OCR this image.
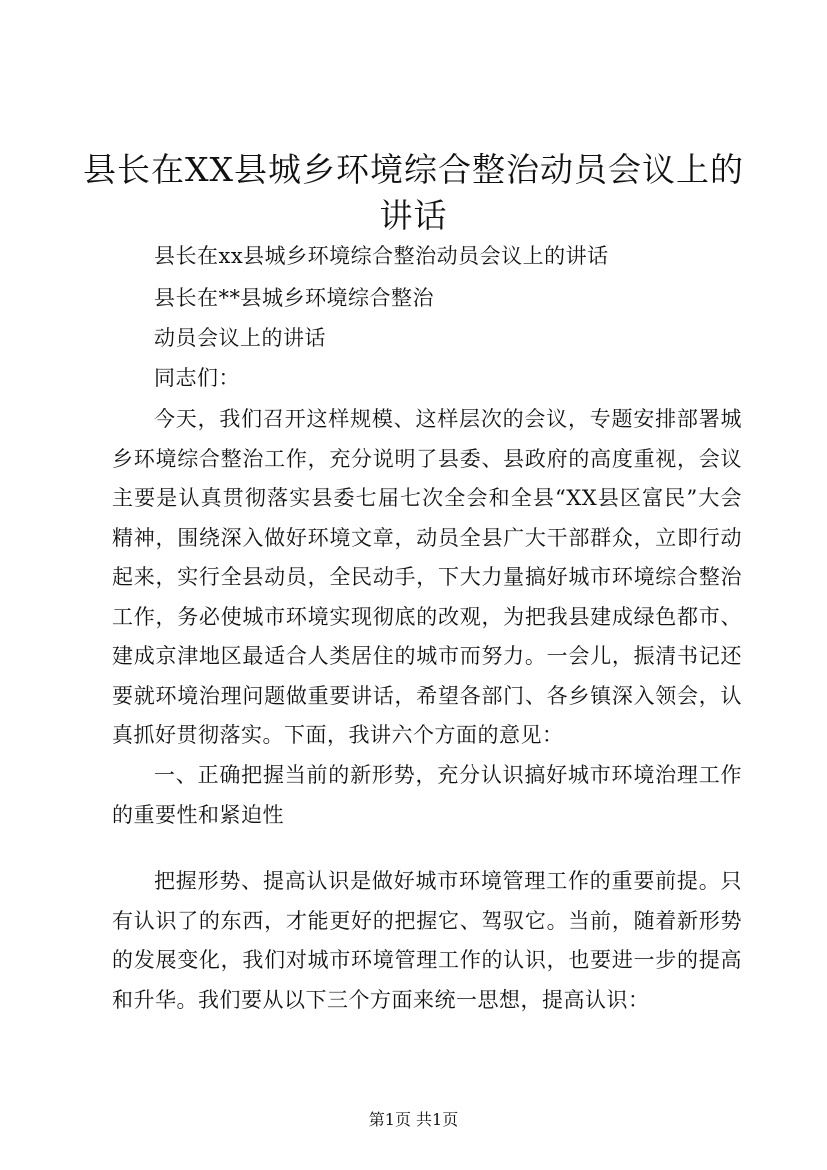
县长在XX县城乡环境综合整治动员会议上的
讲话
县长在xx县城乡环境综合整治动员会议上的讲话
县长在**县城乡环境综合整治
动员会议上的讲话
同志们：
今天，我们召开这样规模、这样层次的会议，专题安排部署城乡环境综合整治工作，充分说明了县委、县政府的高度重视，会议主要是认真贯彻落实县委七届七次全会和全县“XX县区富民”大会精神，围绕深入做好环境文章，动员全县广大干部群众，立即行动起来，实行全县动员，全民动手，下大力量搞好城市环境综合整治工作，务必使城市环境实现彻底的改观，为把我县建成绿色都市、建成京津地区最适合人类居住的城市而努力。一会儿，振清书记还要就环境治理问题做重要讲话，希望各部门、各乡镇深入领会，认真抓好贯彻落实。下面，我讲六个方面的意见：
一、正确把握当前的新形势，充分认识搞好城市环境治理工作的重要性和紧迫性
把握形势、提高认识是做好城市环境管理工作的重要前提。只有认识了的东西，才能更好的把握它、驾驭它。当前，随着新形势的发展变化，我们对城市环境管理工作的认识，也要进一步的提高和升华。我们要从以下三个方面来统一思想，提高认识：
第1页 共1页
